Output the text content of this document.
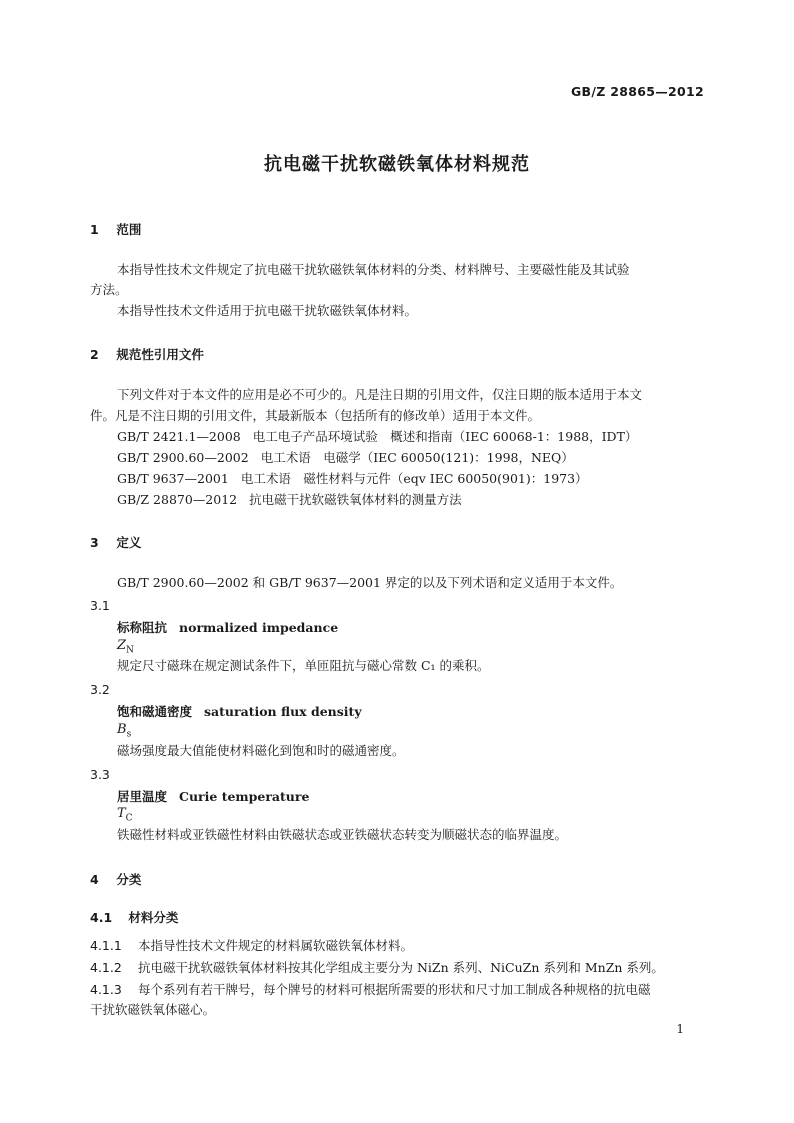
GB/Z 28865—2012
抗电磁干扰软磁铁氧体材料规范
1 范围
本指导性技术文件规定了抗电磁干扰软磁铁氧体材料的分类、材料牌号、主要磁性能及其试验
方法。
本指导性技术文件适用于抗电磁干扰软磁铁氧体材料。
2 规范性引用文件
下列文件对于本文件的应用是必不可少的。凡是注日期的引用文件，仅注日期的版本适用于本文
件。凡是不注日期的引用文件，其最新版本（包括所有的修改单）适用于本文件。
GB/T 2421.1—2008 电工电子产品环境试验　概述和指南（IEC 60068-1：1988，IDT）
GB/T 2900.60—2002 电工术语　电磁学（IEC 60050(121)：1998，NEQ）
GB/T 9637—2001 电工术语　磁性材料与元件（eqv IEC 60050(901)：1973）
GB/Z 28870—2012 抗电磁干扰软磁铁氧体材料的测量方法
3 定义
GB/T 2900.60—2002 和 GB/T 9637—2001 界定的以及下列术语和定义适用于本文件。
3.1
标称阻抗 normalized impedance
$Z_N$
规定尺寸磁珠在规定测试条件下，单匝阻抗与磁心常数 C₁ 的乘积。
3.2
饱和磁通密度 saturation flux density
$B_s$
磁场强度最大值能使材料磁化到饱和时的磁通密度。
3.3
居里温度 Curie temperature
$T_C$
铁磁性材料或亚铁磁性材料由铁磁状态或亚铁磁状态转变为顺磁状态的临界温度。
4 分类
4.1 材料分类
4.1.1 本指导性技术文件规定的材料属软磁铁氧体材料。
4.1.2 抗电磁干扰软磁铁氧体材料按其化学组成主要分为 NiZn 系列、NiCuZn 系列和 MnZn 系列。
4.1.3 每个系列有若干牌号，每个牌号的材料可根据所需要的形状和尺寸加工制成各种规格的抗电磁
干扰软磁铁氧体磁心。
1
